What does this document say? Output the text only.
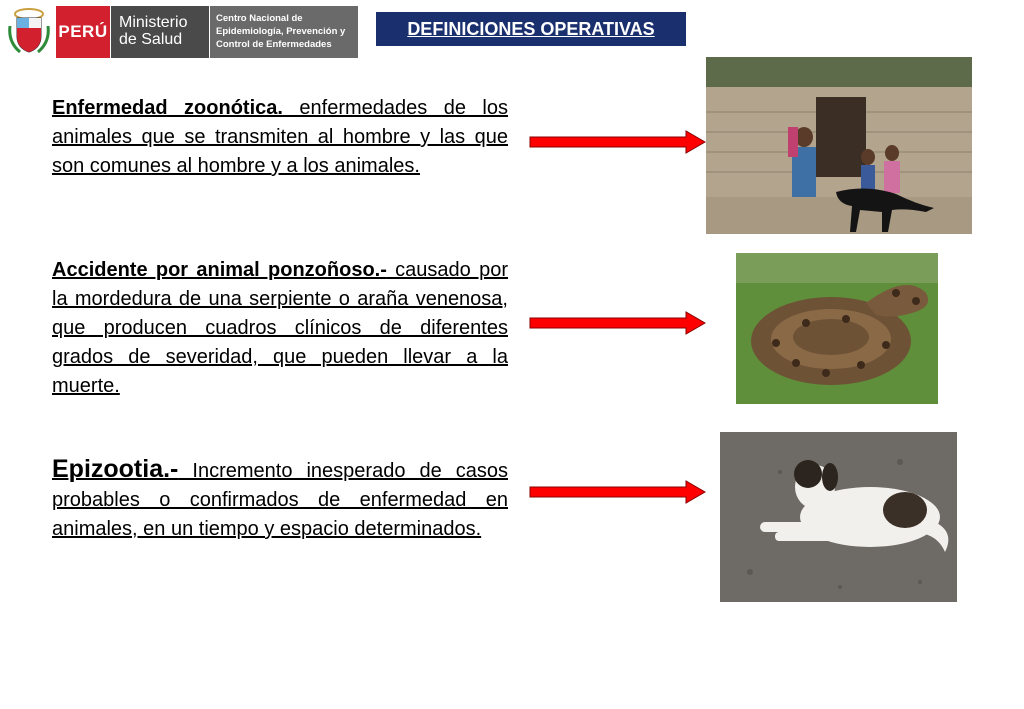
PERÚ Ministerio
de Salud
Centro Nacional de
Epidemiología, Prevención y
Control de Enfermedades
DEFINICIONES OPERATIVAS
Enfermedad zoonótica. enfermedades de los animales que se transmiten al hombre y las que son comunes al hombre y a los animales.
Accidente por animal ponzoñoso.- causado por la mordedura de una serpiente o araña venenosa, que producen cuadros clínicos de diferentes grados de severidad, que pueden llevar a la muerte.
Epizootia.- Incremento inesperado de casos probables o confirmados de enfermedad en animales, en un tiempo y espacio determinados.
